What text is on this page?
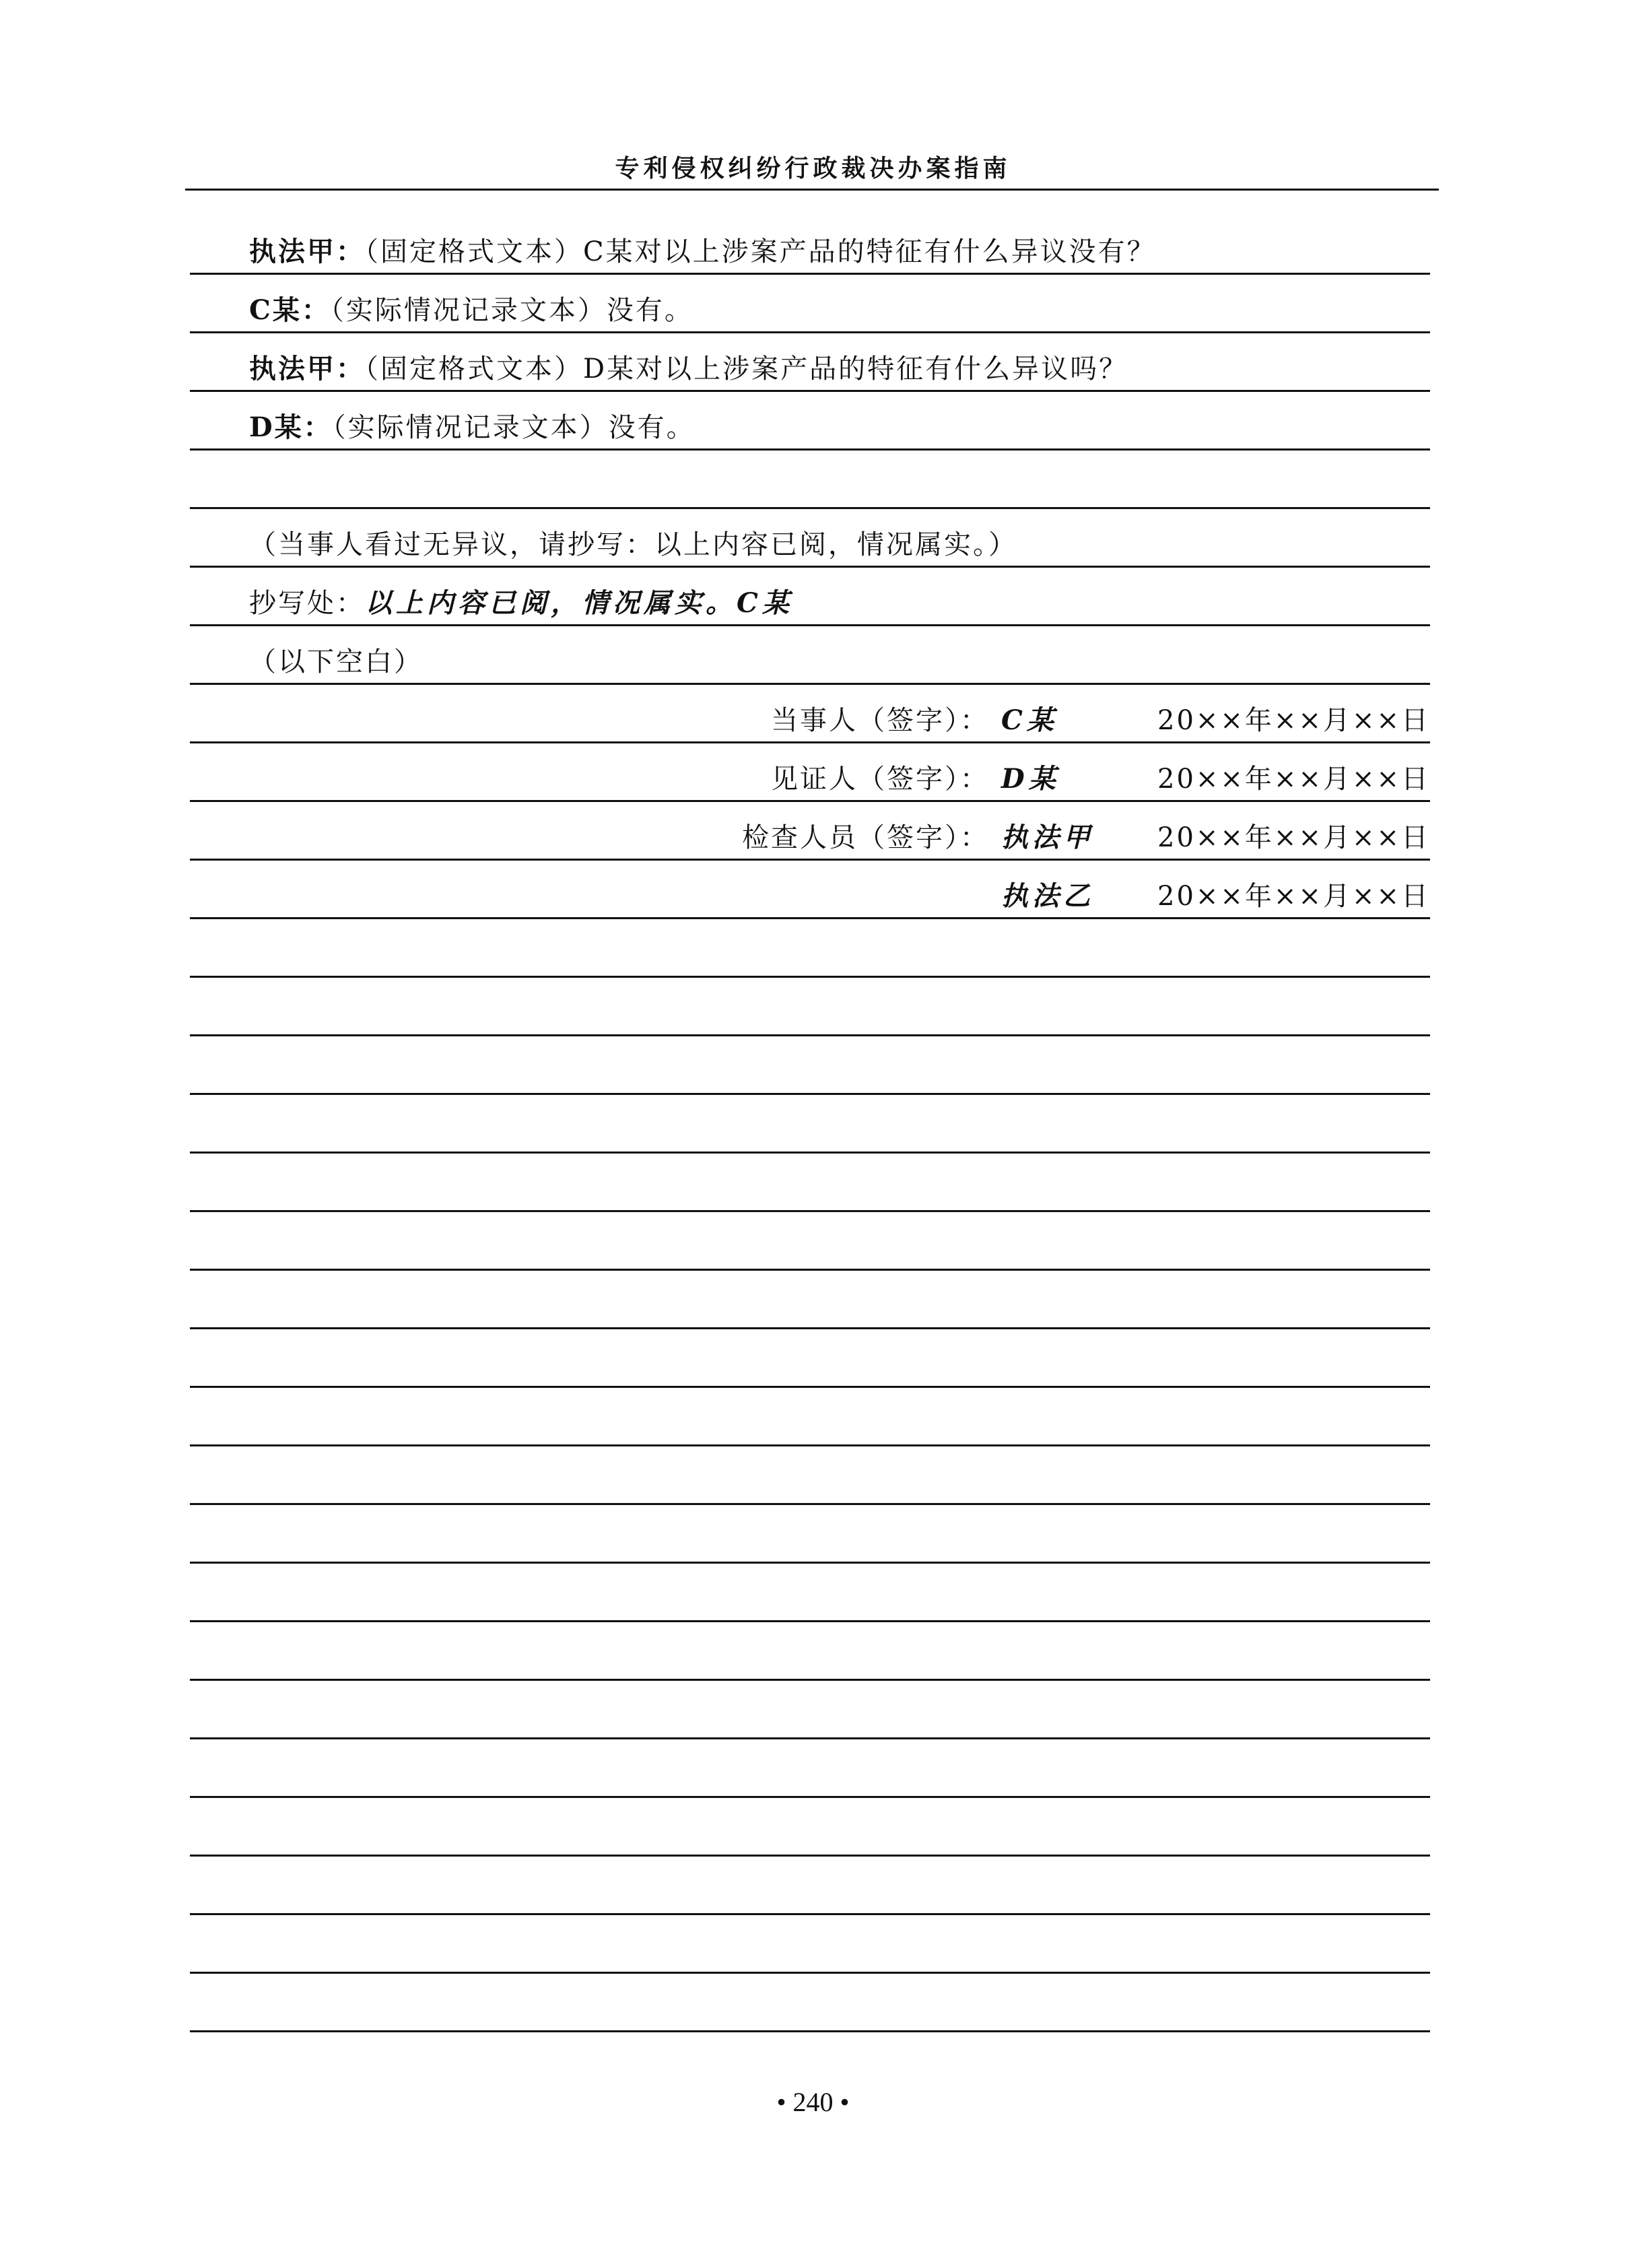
专利侵权纠纷行政裁决办案指南
执法甲：（固定格式文本）C某对以上涉案产品的特征有什么异议没有？
C某：（实际情况记录文本）没有。
执法甲：（固定格式文本）D某对以上涉案产品的特征有什么异议吗？
D某：（实际情况记录文本）没有。
（当事人看过无异议，请抄写：以上内容已阅，情况属实。）
抄写处：以上内容已阅，情况属实。C某
（以下空白）
当事人（签字）： C某	20××年××月××日
见证人（签字）： D某	20××年××月××日
检查人员（签字）： 执法甲	20××年××月××日
执法乙	20××年××月××日
• 240 •
